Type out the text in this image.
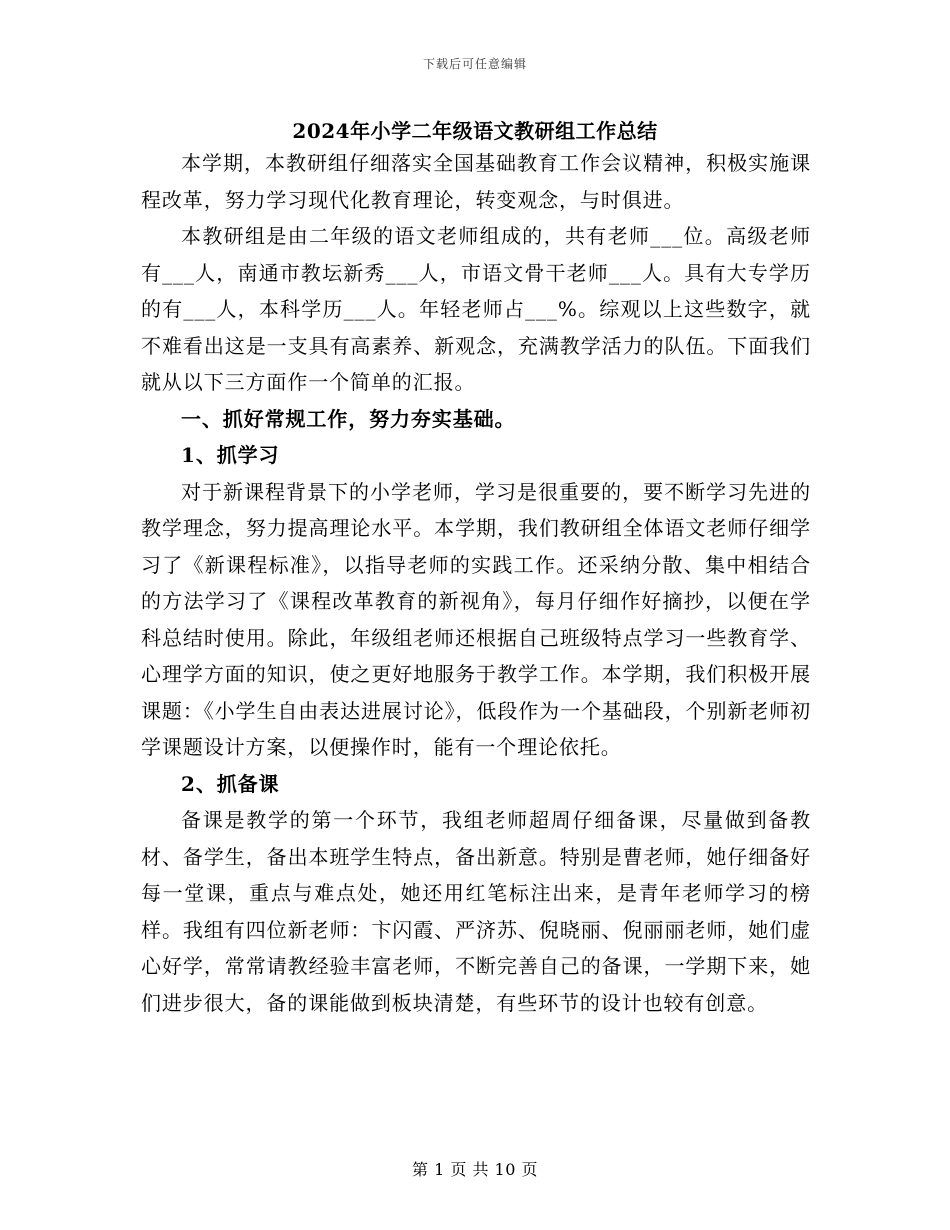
下载后可任意编辑
2024年小学二年级语文教研组工作总结

本学期，本教研组仔细落实全国基础教育工作会议精神，积极实施课程改革，努力学习现代化教育理论，转变观念，与时俱进。

本教研组是由二年级的语文老师组成的，共有老师___位。高级老师有___人，南通市教坛新秀___人，市语文骨干老师___人。具有大专学历的有___人，本科学历___人。年轻老师占___%。综观以上这些数字，就不难看出这是一支具有高素养、新观念，充满教学活力的队伍。下面我们就从以下三方面作一个简单的汇报。

一、抓好常规工作，努力夯实基础。

1、抓学习

对于新课程背景下的小学老师，学习是很重要的，要不断学习先进的教学理念，努力提高理论水平。本学期，我们教研组全体语文老师仔细学习了《新课程标准》，以指导老师的实践工作。还采纳分散、集中相结合的方法学习了《课程改革教育的新视角》，每月仔细作好摘抄，以便在学科总结时使用。除此，年级组老师还根据自己班级特点学习一些教育学、心理学方面的知识，使之更好地服务于教学工作。本学期，我们积极开展课题：《小学生自由表达进展讨论》，低段作为一个基础段，个别新老师初学课题设计方案，以便操作时，能有一个理论依托。

2、抓备课

备课是教学的第一个环节，我组老师超周仔细备课，尽量做到备教材、备学生，备出本班学生特点，备出新意。特别是曹老师，她仔细备好每一堂课，重点与难点处，她还用红笔标注出来，是青年老师学习的榜样。我组有四位新老师：卞闪霞、严济苏、倪晓丽、倪丽丽老师，她们虚心好学，常常请教经验丰富老师，不断完善自己的备课，一学期下来，她们进步很大，备的课能做到板块清楚，有些环节的设计也较有创意。

第 1 页 共 10 页
